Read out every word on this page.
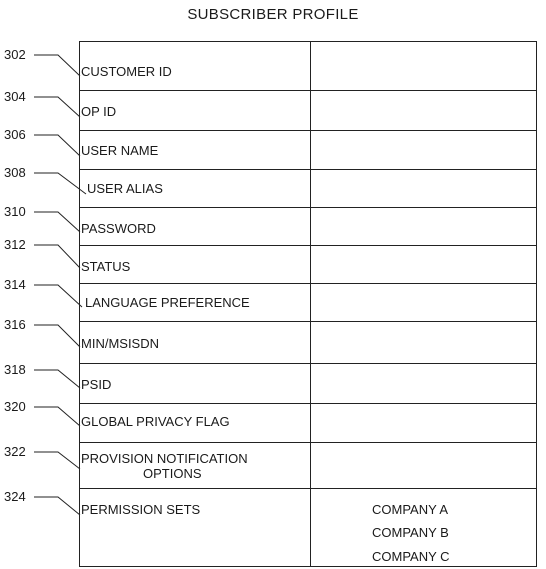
SUBSCRIBER PROFILE
CUSTOMER ID
OP ID
USER NAME
USER ALIAS
PASSWORD
STATUS
LANGUAGE PREFERENCE
MIN/MSISDN
PSID
GLOBAL PRIVACY FLAG
PROVISION NOTIFICATION
OPTIONS
PERMISSION SETS	COMPANY A
COMPANY B
COMPANY C
302
304
306
308
310
312
314
316
318
320
322
324
